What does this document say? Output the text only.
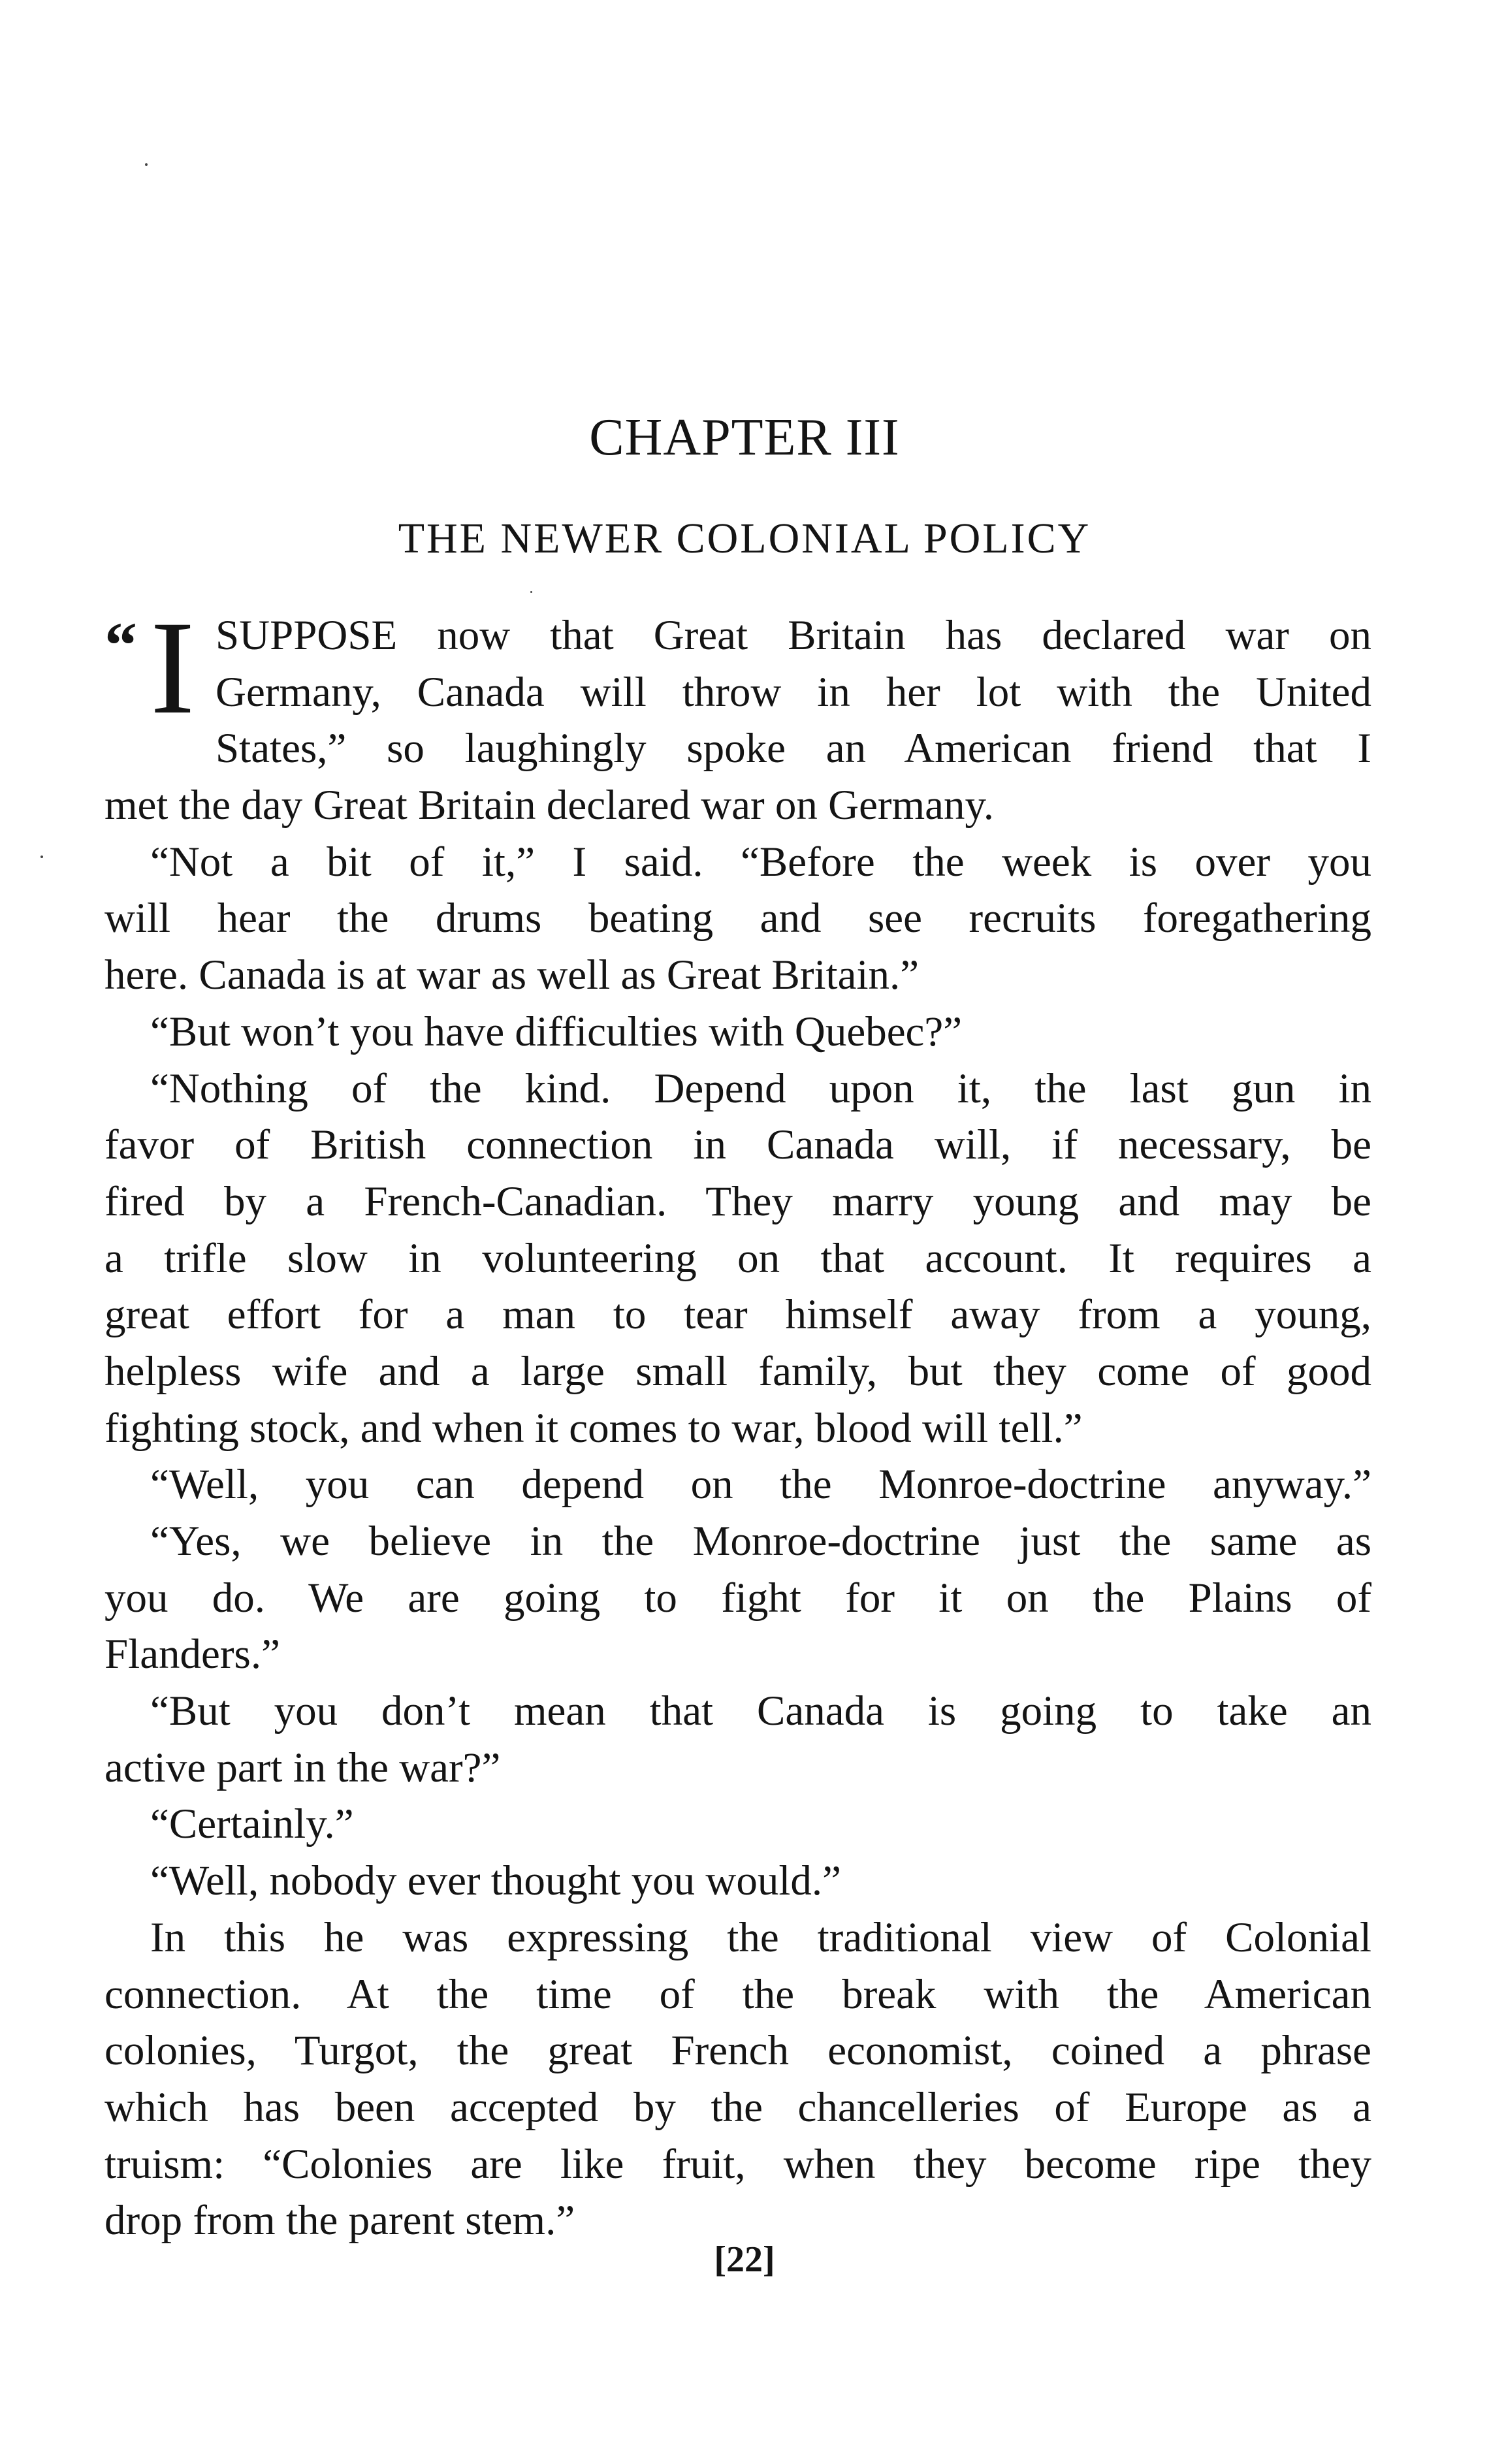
CHAPTER III
THE NEWER COLONIAL POLICY
“ I SUPPOSE now that Great Britain has declared war on
Germany, Canada will throw in her lot with the United
States,” so laughingly spoke an American friend that I
met the day Great Britain declared war on Germany.
“Not a bit of it,” I said. “Before the week is over you
will hear the drums beating and see recruits foregathering
here. Canada is at war as well as Great Britain.”
“But won’t you have difficulties with Quebec?”
“Nothing of the kind. Depend upon it, the last gun in
favor of British connection in Canada will, if necessary, be
fired by a French-Canadian. They marry young and may be
a trifle slow in volunteering on that account. It requires a
great effort for a man to tear himself away from a young,
helpless wife and a large small family, but they come of good
fighting stock, and when it comes to war, blood will tell.”
“Well, you can depend on the Monroe-doctrine anyway.”
“Yes, we believe in the Monroe-doctrine just the same as
you do. We are going to fight for it on the Plains of
Flanders.”
“But you don’t mean that Canada is going to take an
active part in the war?”
“Certainly.”
“Well, nobody ever thought you would.”
In this he was expressing the traditional view of Colonial
connection. At the time of the break with the American
colonies, Turgot, the great French economist, coined a phrase
which has been accepted by the chancelleries of Europe as a
truism: “Colonies are like fruit, when they become ripe they
drop from the parent stem.”
[22]
